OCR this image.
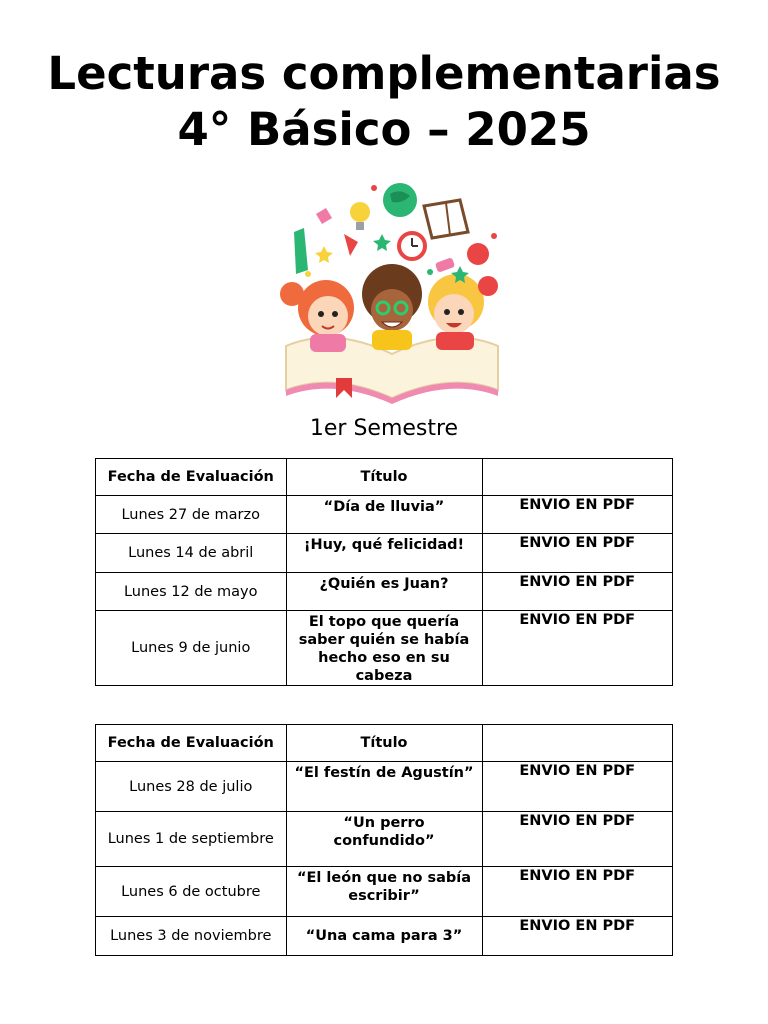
Lecturas complementarias
4° Básico – 2025
1er Semestre
Fecha de Evaluación	Título	
Lunes 27 de marzo	“Día de lluvia”	ENVIO EN PDF
Lunes 14 de abril	¡Huy, qué felicidad!	ENVIO EN PDF
Lunes 12 de mayo	¿Quién es Juan?	ENVIO EN PDF
Lunes 9 de junio	El topo que quería saber quién se había hecho eso en su cabeza	ENVIO EN PDF
Fecha de Evaluación	Título	
Lunes 28 de julio	“El festín de Agustín”	ENVIO EN PDF
Lunes 1 de septiembre	“Un perro confundido”	ENVIO EN PDF
Lunes 6 de octubre	“El león que no sabía escribir”	ENVIO EN PDF
Lunes 3 de noviembre	“Una cama para 3”	ENVIO EN PDF
